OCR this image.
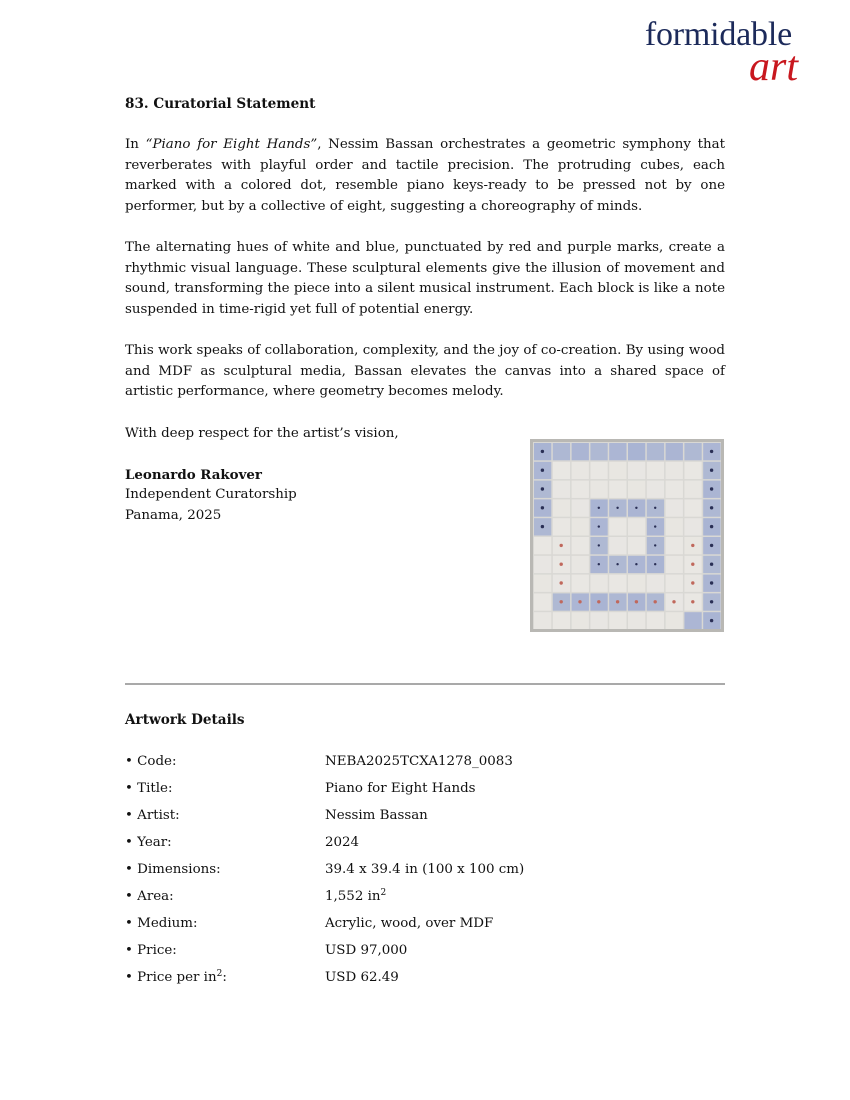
formidable
art
83. Curatorial Statement

In “Piano for Eight Hands”, Nessim Bassan orchestrates a geometric symphony that reverberates with playful order and tactile precision. The protruding cubes, each marked with a colored dot, resemble piano keys-ready to be pressed not by one performer, but by a collective of eight, suggesting a choreography of minds.

The alternating hues of white and blue, punctuated by red and purple marks, create a rhythmic visual language. These sculptural elements give the illusion of movement and sound, transforming the piece into a silent musical instrument. Each block is like a note suspended in time-rigid yet full of potential energy.

This work speaks of collaboration, complexity, and the joy of co-creation. By using wood and MDF as sculptural media, Bassan elevates the canvas into a shared space of artistic performance, where geometry becomes melody.

With deep respect for the artist’s vision,

Leonardo Rakover

Independent Curatorship

Panama, 2025

Artwork Details
• Code:	NEBA2025TCXA1278_0083
• Title:	Piano for Eight Hands
• Artist:	Nessim Bassan
• Year:	2024
• Dimensions:	39.4 x 39.4 in (100 x 100 cm)
• Area:	1,552 $in^2$
• Medium:	Acrylic, wood, over MDF
• Price:	USD 97,000
• Price per $in^2$:	USD 62.49
